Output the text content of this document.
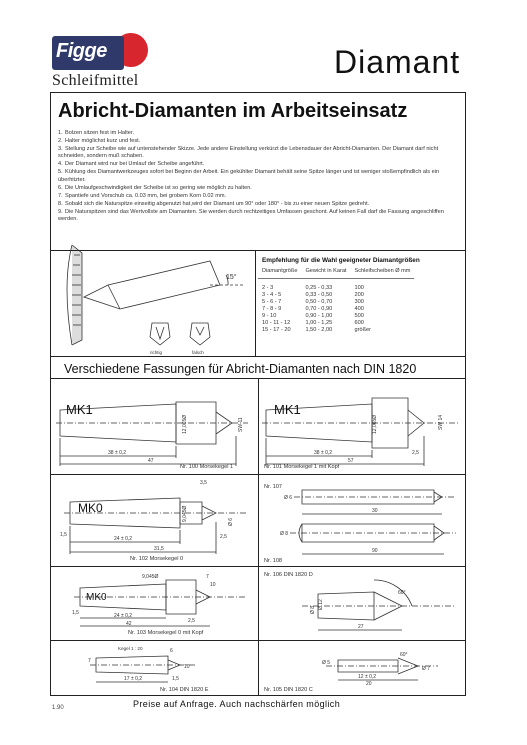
Figge
Schleifmittel
Diamant
Abricht-Diamanten im Arbeitseinsatz
1. Bolzen sitzen fest im Halter.
2. Halter möglichst kurz und fest.
3. Stellung zur Scheibe wie auf untenstehender Skizze. Jede andere Einstellung verkürzt die Lebensdauer der Abricht-Diamanten. Der Diamant darf nicht schneiden, sondern muß schaben.
4. Der Diamant wird nur bei Umlauf der Scheibe angeführt.
5. Kühlung des Diamantwerkzeuges sofort bei Beginn der Arbeit. Ein gekühlter Diamant behält seine Spitze länger und ist weniger stoßempfindlich als ein überhitzter.
6. Die Umlaufgeschwindigkeit der Scheibe ist so gering wie möglich zu halten.
7. Spantiefe und Vorschub ca. 0.03 mm, bei grobem Korn 0.02 mm.
8. Sobald sich die Naturspitze einseitig abgenutzt hat,wird der Diamant um 90° oder 180° - bis zu einer neuen Spitze gedreht.
9. Die Naturspitzen sind das Wertvollste am Diamanten. Sie werden durch rechtzeitiges Umfassen geschont. Auf keinen Fall darf die Fassung angeschliffen werden.
15°
richtig	falsch
Empfehlung für die Wahl geeigneter Diamantgrößen
Diamantgröße	Gewicht in Karat	Schleifscheiben Ø mm
2 - 3	0,25 - 0,33	100
3 - 4 - 5	0,33 - 0,50	200
5 - 6 - 7	0,50 - 0,70	300
7 - 8 - 9	0,70 - 0,90	400
9 - 10	0,90 - 1,00	500
10 - 11 - 12	1,00 - 1,25	600
15 - 17 - 20	1,50 - 2,00	größer
Verschiedene Fassungen für Abricht-Diamanten nach DIN 1820
MK1
38 ± 0,2
47
12,065Ø	SW 11
Nr. 100 Morsekegel 1
MK1
38 ± 0,2
57
2,5
12,065Ø	SW 14
Nr. 101 Morsekegel 1 mit Kopf
MK0
24 ± 0,2
31,5
3,5
1,5	2,5
9,045Ø	Ø 6
Nr. 102 Morsekegel 0
MK0
9,045Ø
24 ± 0,2
42
1,5
2,5
10
7
Nr. 103 Morsekegel 0 mit Kopf
Kegel 1 : 20
17 ± 0,2
6
1,5
7
10
Nr. 104 DIN 1820 E
Nr. 107
Ø 6
30
Ø 8
90
Nr. 108
Nr. 106 DIN 1820 D
60°
Ø 8 Ø 12
27
60°
12 ± 0,2
20
Ø 5
Ø 7
Nr. 105 DIN 1820 C
1.90	Preise auf Anfrage. Auch nachschärfen möglich
